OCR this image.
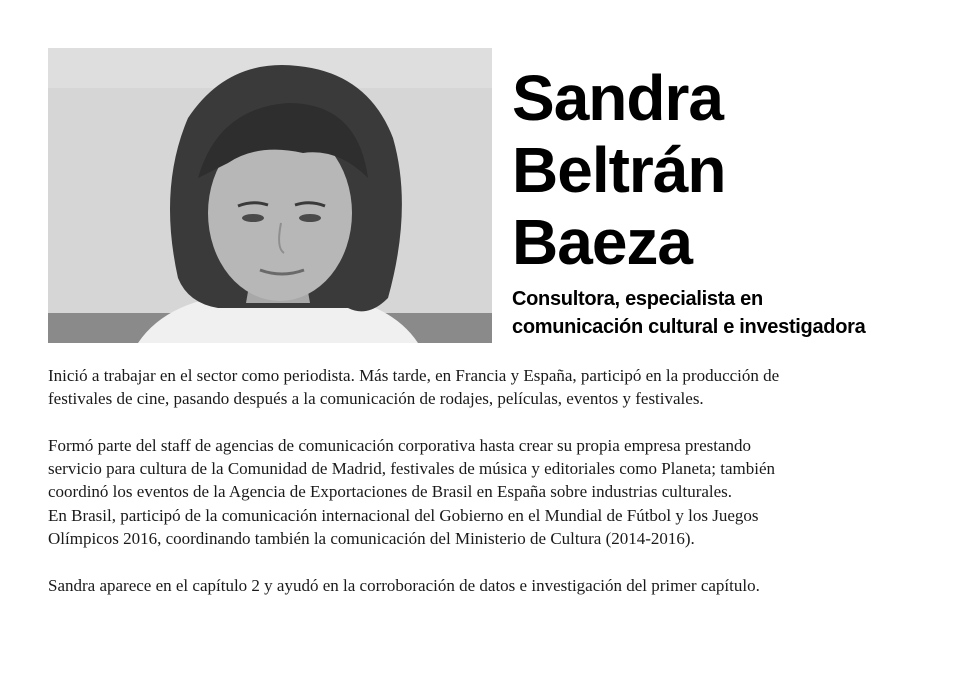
Sandra
Beltrán
Baeza
Consultora, especialista en
comunicación cultural e investigadora

Inició a trabajar en el sector como periodista. Más tarde, en Francia y España, participó en la producción de
festivales de cine, pasando después a la comunicación de rodajes, películas, eventos y festivales.

Formó parte del staff de agencias de comunicación corporativa hasta crear su propia empresa prestando
servicio para cultura de la Comunidad de Madrid, festivales de música y editoriales como Planeta; también
coordinó los eventos de la Agencia de Exportaciones de Brasil en España sobre industrias culturales.
En Brasil, participó de la comunicación internacional del Gobierno en el Mundial de Fútbol y los Juegos
Olímpicos 2016, coordinando también la comunicación del Ministerio de Cultura (2014-2016).

Sandra aparece en el capítulo 2 y ayudó en la corroboración de datos e investigación del primer capítulo.
